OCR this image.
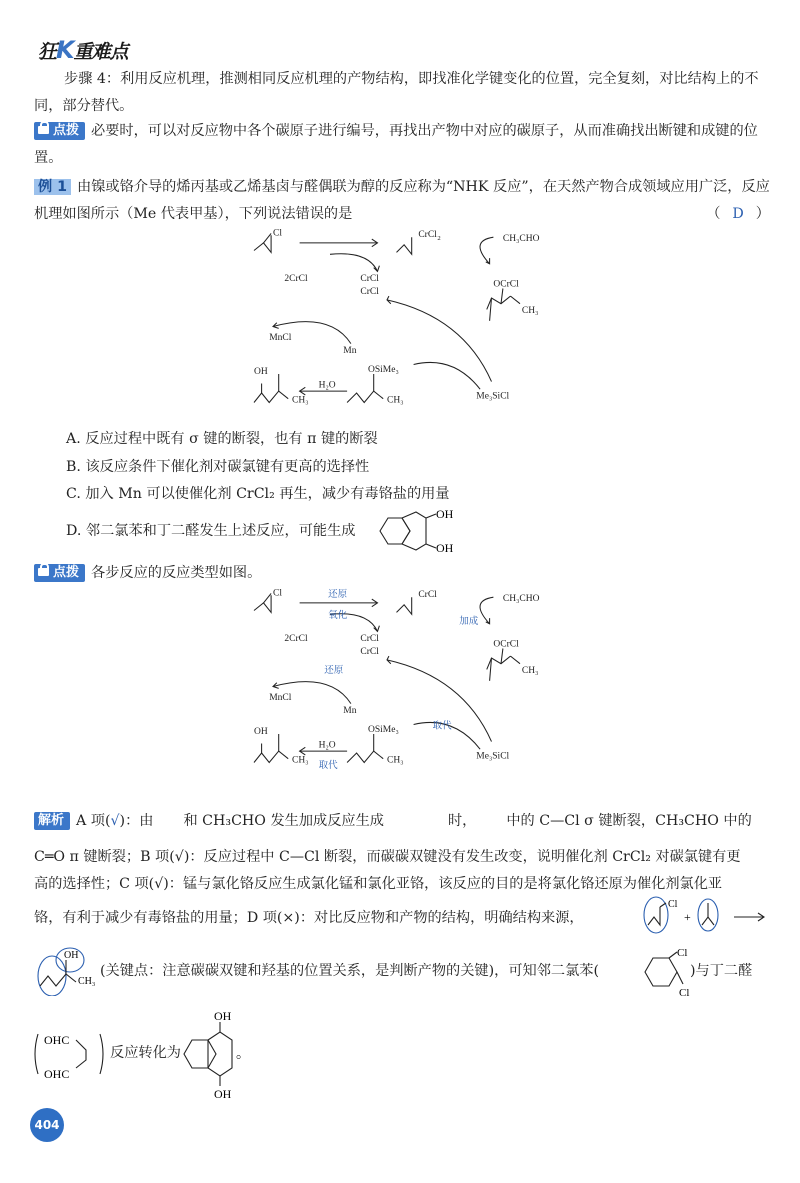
狂K重难点
步骤 4：利用反应机理，推测相同反应机理的产物结构，即找准化学键变化的位置，完全复刻，对比结构上的不同，部分替代。
点拨 必要时，可以对反应物中各个碳原子进行编号，再找出产物中对应的碳原子，从而准确找出断键和成键的位置。
例 1 由镍或铬介导的烯丙基或乙烯基卤与醛偶联为醇的反应称为“NHK 反应”，在天然产物合成领域应用广泛，反应机理如图所示（Me 代表甲基），下列说法错误的是	（ D ）
Cl	CrCl 2	CH₃CHO
OCrCl
CH₃
2CrCl	CrCl
CrCl
MnCl
Mn
Me₃SiCl
OSiMe₃
CH₃
OH
CH₃
H₂O
A. 反应过程中既有 σ 键的断裂，也有 π 键的断裂
B. 该反应条件下催化剂对碳氯键有更高的选择性
C. 加入 Mn 可以使催化剂 CrCl₂ 再生，减少有毒铬盐的用量
D. 邻二氯苯和丁二醛发生上述反应，可能生成
OH
OH
点拨 各步反应的反应类型如图。
Cl	CrCl	CH₃CHO
OCrCl
CH₃
2CrCl	CrCl
CrCl
MnCl
Mn
Me₃SiCl
OSiMe₃
CH₃
OH
CH₃
H₂O
还原
氧化
加成
还原
取代
取代
解析 A 项(√)：由 和 CH₃CHO 发生加成反应生成	时， 中的 C—Cl σ 键断裂，CH₃CHO 中的
C═O π 键断裂；B 项(√)：反应过程中 C—Cl 断裂，而碳碳双键没有发生改变，说明催化剂 CrCl₂ 对碳氯键有更
高的选择性；C 项(√)：锰与氯化铬反应生成氯化锰和氯化亚铬，该反应的目的是将氯化铬还原为催化剂氯化亚
铬，有利于减少有毒铬盐的用量；D 项(×)：对比反应物和产物的结构，明确结构来源，
Cl
+
OH
CH₃
(关键点：注意碳碳双键和羟基的位置关系，是判断产物的关键)，可知邻二氯苯(
Cl
Cl
)与丁二醛
OHC
OHC
反应转化为
OH
OH
。
404
